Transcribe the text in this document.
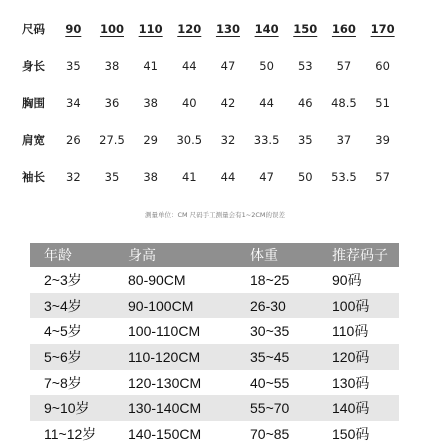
尺码	90	100	110	120	130	140	150	160	170
身长	35	38	41	44	47	50	53	57	60
胸围	34	36	38	40	42	44	46	48.5	51
肩宽	26	27.5	29	30.5	32	33.5	35	37	39
袖长	32	35	38	41	44	47	50	53.5	57
测量单位：CM 尺码手工测量会有1~2CM的误差
年龄	身高	体重	推荐码子
2~3岁	80-90CM	18~25	90码
3~4岁	90-100CM	26-30	100码
4~5岁	100-110CM	30~35	110码
5~6岁	110-120CM	35~45	120码
7~8岁	120-130CM	40~55	130码
9~10岁	130-140CM	55~70	140码
11~12岁	140-150CM	70~85	150码
